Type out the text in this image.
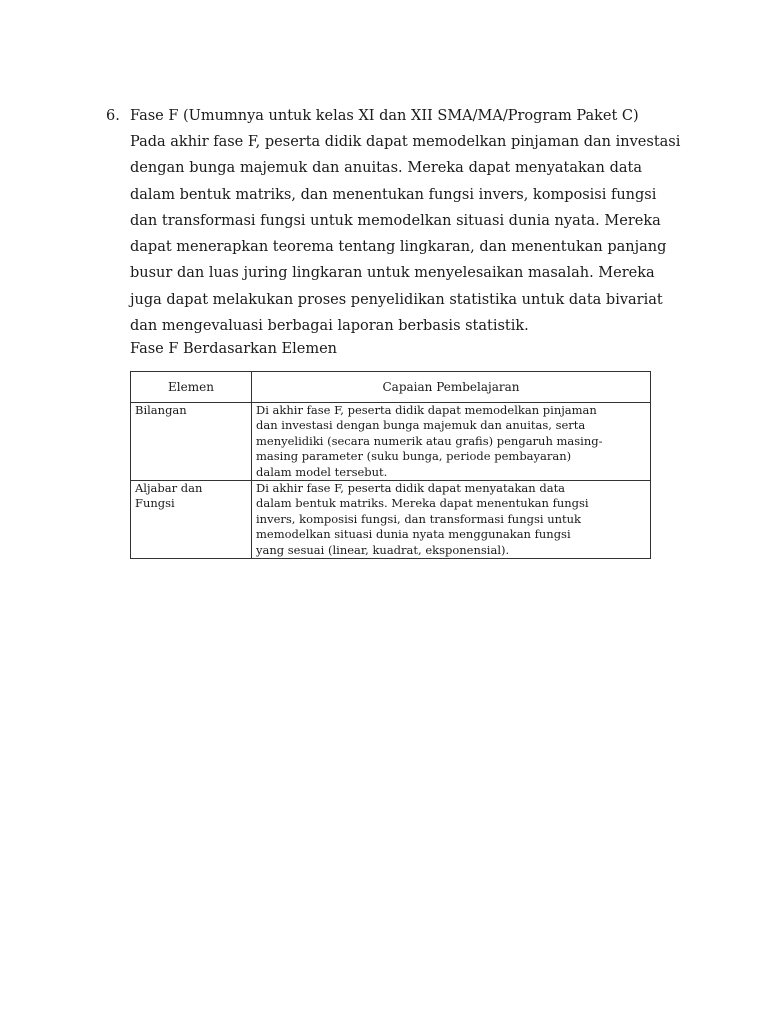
6. Fase F (Umumnya untuk kelas XI dan XII SMA/MA/Program Paket C)

Pada akhir fase F, peserta didik dapat memodelkan pinjaman dan investasi
dengan bunga majemuk dan anuitas. Mereka dapat menyatakan data
dalam bentuk matriks, dan menentukan fungsi invers, komposisi fungsi
dan transformasi fungsi untuk memodelkan situasi dunia nyata. Mereka
dapat menerapkan teorema tentang lingkaran, dan menentukan panjang
busur dan luas juring lingkaran untuk menyelesaikan masalah. Mereka
juga dapat melakukan proses penyelidikan statistika untuk data bivariat
dan mengevaluasi berbagai laporan berbasis statistik.

Fase F Berdasarkan Elemen
Elemen	Capaian Pembelajaran

Bilangan	Di akhir fase F, peserta didik dapat memodelkan pinjaman
dan investasi dengan bunga majemuk dan anuitas, serta
menyelidiki (secara numerik atau grafis) pengaruh masing-
masing parameter (suku bunga, periode pembayaran)
dalam model tersebut.

Aljabar dan
Fungsi	Di akhir fase F, peserta didik dapat menyatakan data
dalam bentuk matriks. Mereka dapat menentukan fungsi
invers, komposisi fungsi, dan transformasi fungsi untuk
memodelkan situasi dunia nyata menggunakan fungsi
yang sesuai (linear, kuadrat, eksponensial).
